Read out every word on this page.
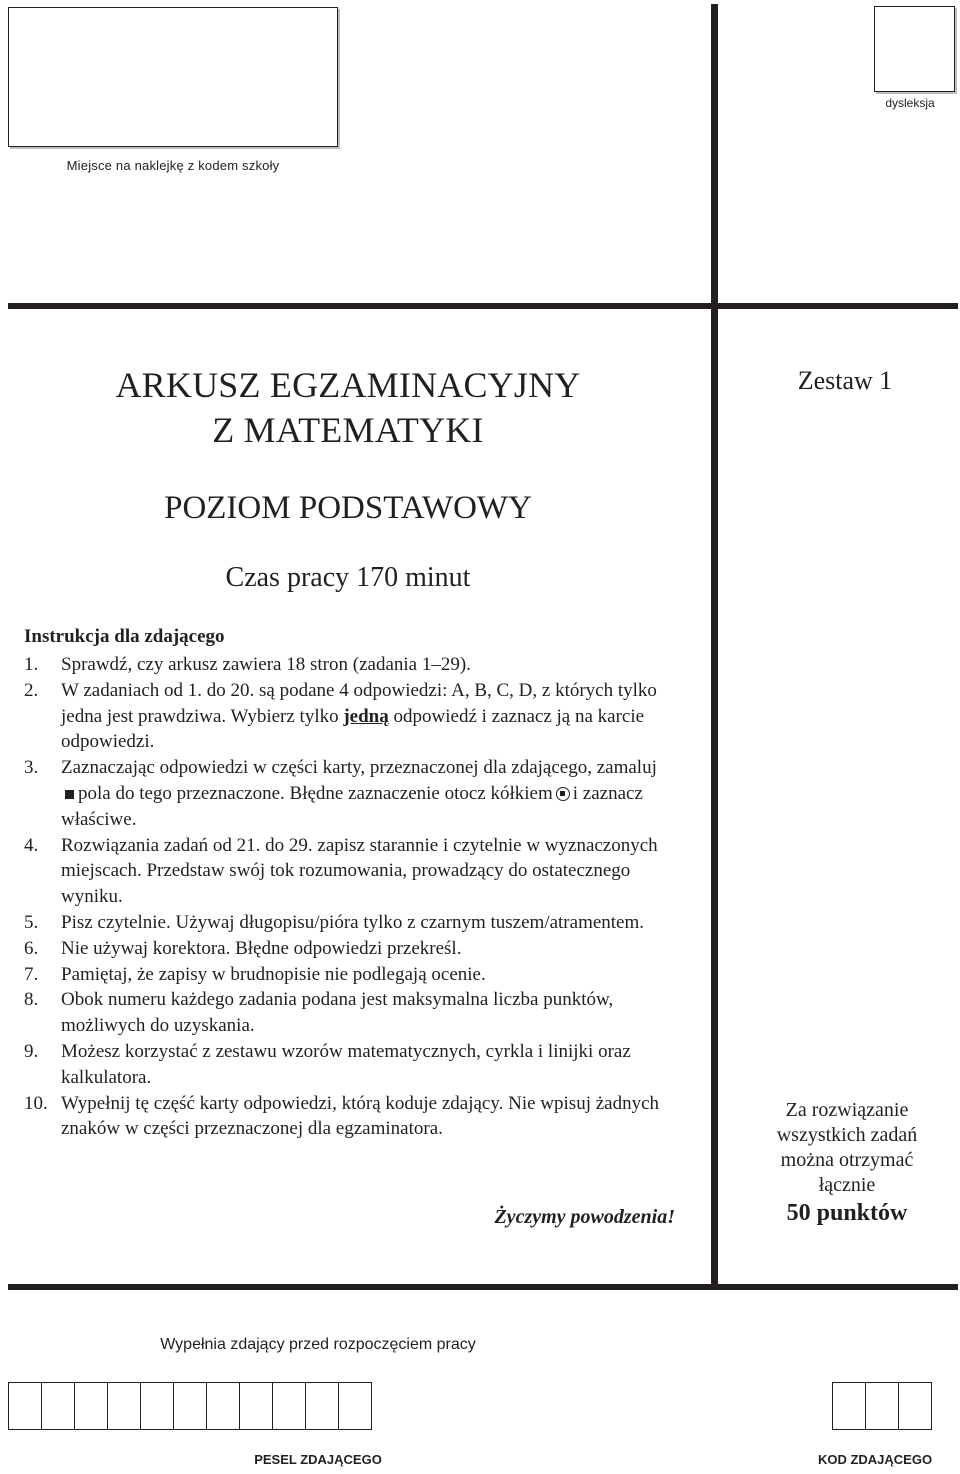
Miejsce na naklejkę z kodem szkoły
dysleksja
ARKUSZ EGZAMINACYJNY
Z MATEMATYKI
POZIOM PODSTAWOWY
Czas pracy 170 minut
Zestaw 1
Instrukcja dla zdającego
1.	Sprawdź, czy arkusz zawiera 18 stron (zadania 1–29).
2.	W zadaniach od 1. do 20. są podane 4 odpowiedzi: A, B, C, D, z których tylko jedna jest prawdziwa. Wybierz tylko jedną odpowiedź i zaznacz ją na karcie odpowiedzi.
3.	Zaznaczając odpowiedzi w części karty, przeznaczonej dla zdającego, zamalujpola do tego przeznaczone. Błędne zaznaczenie otocz kółkiem i zaznacz właściwe.
4.	Rozwiązania zadań od 21. do 29. zapisz starannie i czytelnie w wyznaczonych miejscach. Przedstaw swój tok rozumowania, prowadzący do ostatecznego wyniku.
5.	Pisz czytelnie. Używaj długopisu/pióra tylko z czarnym tuszem/atramentem.
6.	Nie używaj korektora. Błędne odpowiedzi przekreśl.
7.	Pamiętaj, że zapisy w brudnopisie nie podlegają ocenie.
8.	Obok numeru każdego zadania podana jest maksymalna liczba punktów, możliwych do uzyskania.
9.	Możesz korzystać z zestawu wzorów matematycznych, cyrkla i linijki oraz kalkulatora.
10. Wypełnij tę część karty odpowiedzi, którą koduje zdający. Nie wpisuj żadnych znaków w części przeznaczonej dla egzaminatora.
Życzymy powodzenia!
Za rozwiązanie
wszystkich zadań
można otrzymać
łącznie
50 punktów
Wypełnia zdający przed rozpoczęciem pracy
PESEL ZDAJĄCEGO	KOD ZDAJĄCEGO
